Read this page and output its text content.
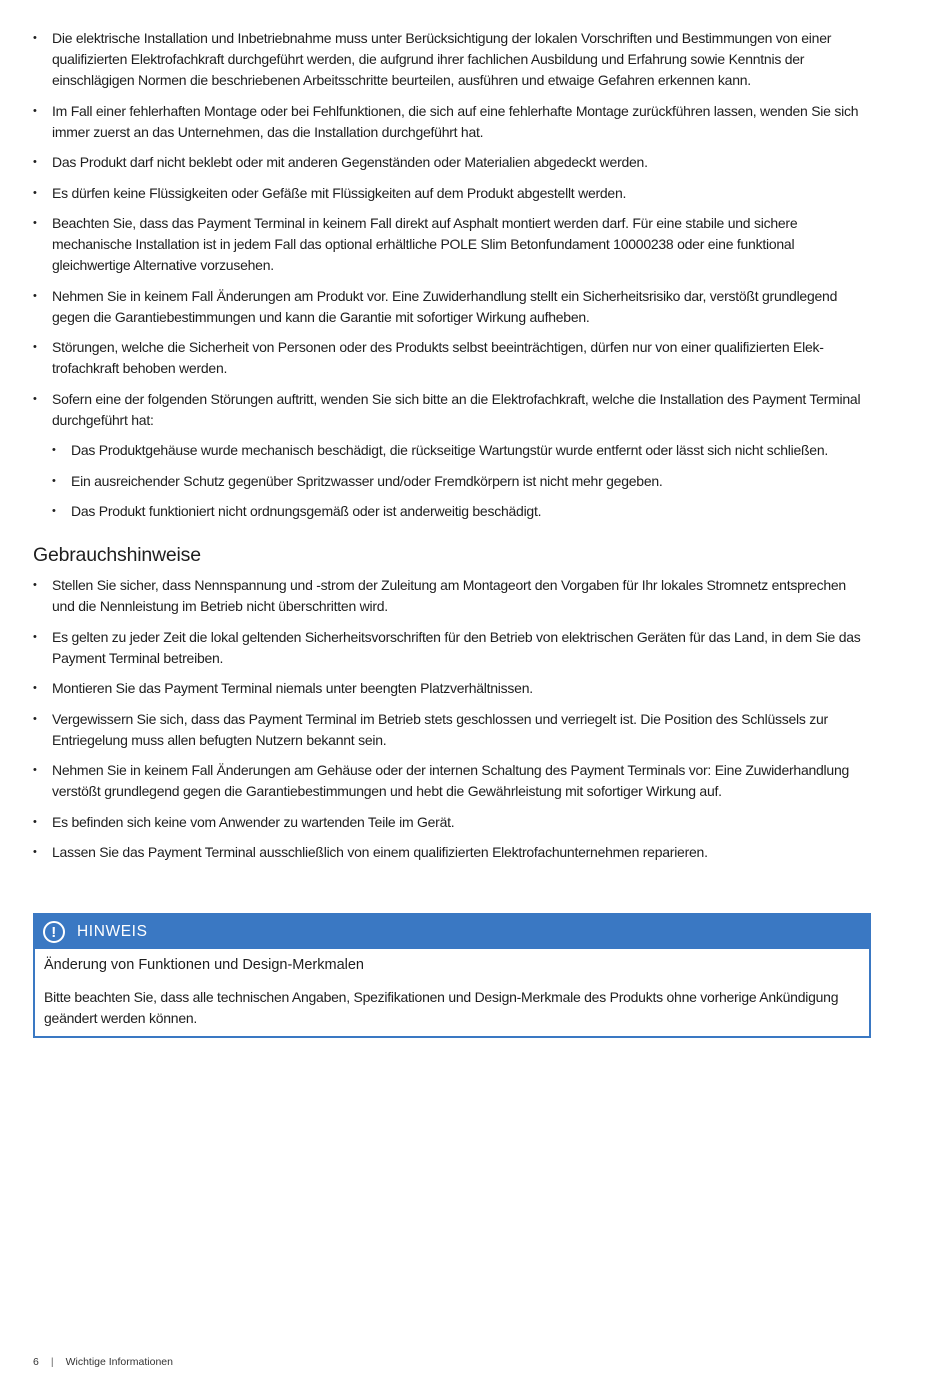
• Die elektrische Installation und Inbetriebnahme muss unter Berücksichtigung der lokalen Vorschriften und Bestimmungen von einer qualifizierten Elektrofachkraft durchgeführt werden, die aufgrund ihrer fachlichen Ausbildung und Erfahrung sowie Kenntnis der einschlägigen Normen die beschriebenen Arbeitsschritte beurteilen, ausführen und etwaige Gefahren erkennen kann.
• Im Fall einer fehlerhaften Montage oder bei Fehlfunktionen, die sich auf eine fehlerhafte Montage zurückführen lassen, wenden Sie sich immer zuerst an das Unternehmen, das die Installation durchgeführt hat.
• Das Produkt darf nicht beklebt oder mit anderen Gegenständen oder Materialien abgedeckt werden.
• Es dürfen keine Flüssigkeiten oder Gefäße mit Flüssigkeiten auf dem Produkt abgestellt werden.
• Beachten Sie, dass das Payment Terminal in keinem Fall direkt auf Asphalt montiert werden darf. Für eine stabile und sichere mechanische Installation ist in jedem Fall das optional erhältliche POLE Slim Betonfundament 10000238 oder eine funktional gleichwertige Alternative vorzusehen.
• Nehmen Sie in keinem Fall Änderungen am Produkt vor. Eine Zuwiderhandlung stellt ein Sicherheitsrisiko dar, verstößt grundlegend gegen die Garantiebestimmungen und kann die Garantie mit sofortiger Wirkung aufheben.
• Störungen, welche die Sicherheit von Personen oder des Produkts selbst beeinträchtigen, dürfen nur von einer qualifizierten Elektrofachkraft behoben werden.
• Sofern eine der folgenden Störungen auftritt, wenden Sie sich bitte an die Elektrofachkraft, welche die Installation des Payment Terminal durchgeführt hat:
• Das Produktgehäuse wurde mechanisch beschädigt, die rückseitige Wartungstür wurde entfernt oder lässt sich nicht schließen.
• Ein ausreichender Schutz gegenüber Spritzwasser und/oder Fremdkörpern ist nicht mehr gegeben.
• Das Produkt funktioniert nicht ordnungsgemäß oder ist anderweitig beschädigt.
Gebrauchshinweise
• Stellen Sie sicher, dass Nennspannung und -strom der Zuleitung am Montageort den Vorgaben für Ihr lokales Stromnetz entsprechen und die Nennleistung im Betrieb nicht überschritten wird.
• Es gelten zu jeder Zeit die lokal geltenden Sicherheitsvorschriften für den Betrieb von elektrischen Geräten für das Land, in dem Sie das Payment Terminal betreiben.
• Montieren Sie das Payment Terminal niemals unter beengten Platzverhältnissen.
• Vergewissern Sie sich, dass das Payment Terminal im Betrieb stets geschlossen und verriegelt ist. Die Position des Schlüssels zur Entriegelung muss allen befugten Nutzern bekannt sein.
• Nehmen Sie in keinem Fall Änderungen am Gehäuse oder der internen Schaltung des Payment Terminals vor: Eine Zuwiderhandlung verstößt grundlegend gegen die Garantiebestimmungen und hebt die Gewährleistung mit sofortiger Wirkung auf.
• Es befinden sich keine vom Anwender zu wartenden Teile im Gerät.
• Lassen Sie das Payment Terminal ausschließlich von einem qualifizierten Elektrofachunternehmen reparieren.
!	HINWEIS
Änderung von Funktionen und Design-Merkmalen
Bitte beachten Sie, dass alle technischen Angaben, Spezifikationen und Design-Merkmale des Produkts ohne vorherige Ankündigung geändert werden können.
6 | Wichtige Informationen
